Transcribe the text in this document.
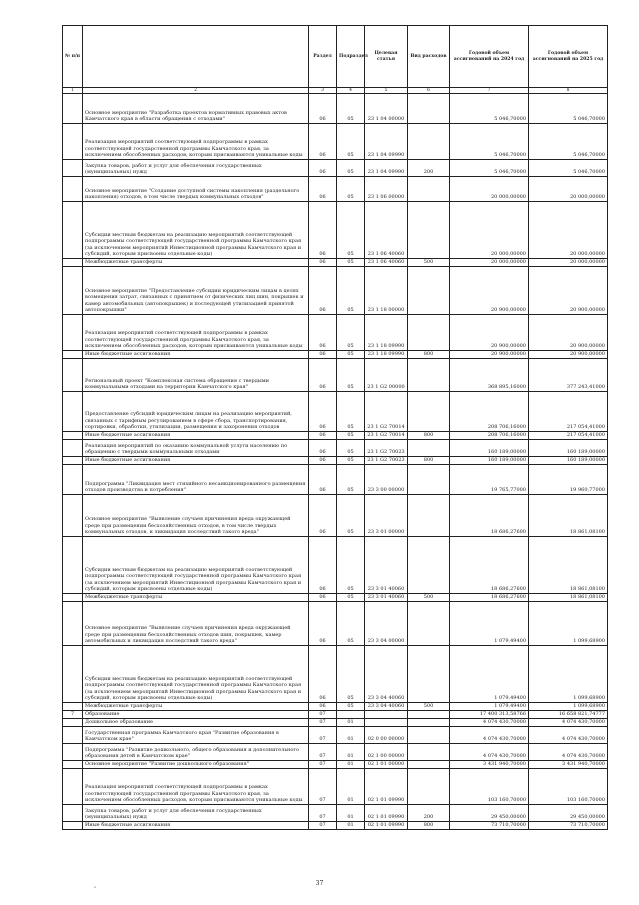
№ п/п		Раздел	Подраздел	Целевая статья	Вид расходов	Годовой объем ассигнований на 2024 год	Годовой объем ассигнований на 2025 год
1	2	3	4	5	6	7	8
	Основное мероприятие "Разработка проектов нормативных правовых актов Камчатского края в области обращения с отходами"	06	05	23 1 04 00000		5 046,70000	5 046,70000
	Реализация мероприятий соответствующей подпрограммы в рамках соответствующей государственной программы Камчатского края, за исключением обособленных расходов, которым присваиваются уникальные коды	06	05	23 1 04 09990		5 046,70000	5 046,70000
	Закупка товаров, работ и услуг для обеспечения государственных (муниципальных) нужд	06	05	23 1 04 09990	200	5 046,70000	5 046,70000
	Основное мероприятие "Создание доступной системы накопления (раздельного накопления) отходов, в том числе твердых коммунальных отходов"	06	05	23 1 06 00000		20 000,00000	20 000,00000
	Субсидии местным бюджетам на реализацию мероприятий соответствующей подпрограммы соответствующей государственной программы Камчатского края (за исключением мероприятий Инвестиционной программы Камчатского края и субсидий, которым присвоены отдельные коды)	06	05	23 1 06 40060		20 000,00000	20 000,00000
	Межбюджетные трансферты	06	05	23 1 06 40060	500	20 000,00000	20 000,00000
	Основное мероприятие "Предоставление субсидии юридическим лицам в целях возмещения затрат, связанных с принятием от физических лиц шин, покрышек и камер автомобильных (автопокрышек) и последующей утилизацией принятой автопокрышки"	06	05	23 1 18 00000		20 900,00000	20 900,00000
	Реализация мероприятий соответствующей подпрограммы в рамках соответствующей государственной программы Камчатского края, за исключением обособленных расходов, которым присваиваются уникальные коды	06	05	23 1 18 09990		20 900,00000	20 900,00000
	Иные бюджетные ассигнования	06	05	23 1 18 09990	800	20 900,00000	20 900,00000
	Региональный проект "Комплексная система обращения с твердыми коммунальными отходами на территории Камчатского края"	06	05	23 1 G2 00000		368 895,16000	377 243,41000
	Предоставление субсидий юридическим лицам на реализацию мероприятий, связанных с тарифным регулированием в сфере сбора, транспортирования, сортировки, обработки, утилизации, размещения и захоронения отходов	06	05	23 1 G2 70014		208 706,16000	217 054,41000
	Иные бюджетные ассигнования	06	05	23 1 G2 70014	800	208 706,16000	217 054,41000
	Реализация мероприятий по оказанию коммунальной услуги населению по обращению с твердыми коммунальными отходами	06	05	23 1 G2 70023		160 189,00000	160 189,00000
	Иные бюджетные ассигнования	06	05	23 1 G2 70023	800	160 189,00000	160 189,00000
	Подпрограмма "Ликвидация мест стихийного несанкционированного размещения отходов производства и потребления"	06	05	23 3 00 00000		19 765,77000	19 960,77000
	Основное мероприятие "Выявление случаев причинения вреда окружающей среде при размещении бесхозяйственных отходов, в том числе твердых коммунальных отходов, и ликвидация последствий такого вреда"	06	05	23 3 01 00000		18 686,27600	18 861,08100
	Субсидии местным бюджетам на реализацию мероприятий соответствующей подпрограммы соответствующей государственной программы Камчатского края (за исключением мероприятий Инвестиционной программы Камчатского края и субсидий, которым присвоены отдельные коды)	06	05	23 3 01 40060		18 686,27600	18 861,08100
	Межбюджетные трансферты	06	05	23 3 01 40060	500	18 686,27600	18 861,08100
	Основное мероприятие "Выявление случаев причинения вреда окружающей среде при размещении бесхозяйственных отходов шин, покрышек, камер автомобильных и ликвидация последствий такого вреда"	06	05	23 3 04 00000		1 079,49400	1 099,68900
	Субсидии местным бюджетам на реализацию мероприятий соответствующей подпрограммы соответствующей государственной программы Камчатского края (за исключением мероприятий Инвестиционной программы Камчатского края и субсидий, которым присвоены отдельные коды)	06	05	23 3 04 40060		1 079,49400	1 099,68900
	Межбюджетные трансферты	06	05	23 3 04 40060	500	1 079,49400	1 099,68900
7	Образование	07				17 400 313,58766	16 658 821,74777
	Дошкольное образование	07	01			4 074 430,70000	4 074 430,70000
	Государственная программа Камчатского края "Развитие образования в Камчатском крае"	07	01	02 0 00 00000		4 074 430,70000	4 074 430,70000
	Подпрограмма "Развитие дошкольного, общего образования и дополнительного образования детей в Камчатском крае"	07	01	02 1 00 00000		4 074 430,70000	4 074 430,70000
	Основное мероприятие "Развитие дошкольного образования"	07	01	02 1 01 00000		3 431 940,70000	3 431 940,70000
	Реализация мероприятий соответствующей подпрограммы в рамках соответствующей государственной программы Камчатского края, за исключением обособленных расходов, которым присваиваются уникальные коды	07	01	02 1 01 09990		103 160,70000	103 160,70000
	Закупка товаров, работ и услуг для обеспечения государственных (муниципальных) нужд	07	01	02 1 01 09990	200	29 450,00000	29 450,00000
	Иные бюджетные ассигнования	07	01	02 1 01 09990	800	73 710,70000	73 710,70000
37
ʻ
